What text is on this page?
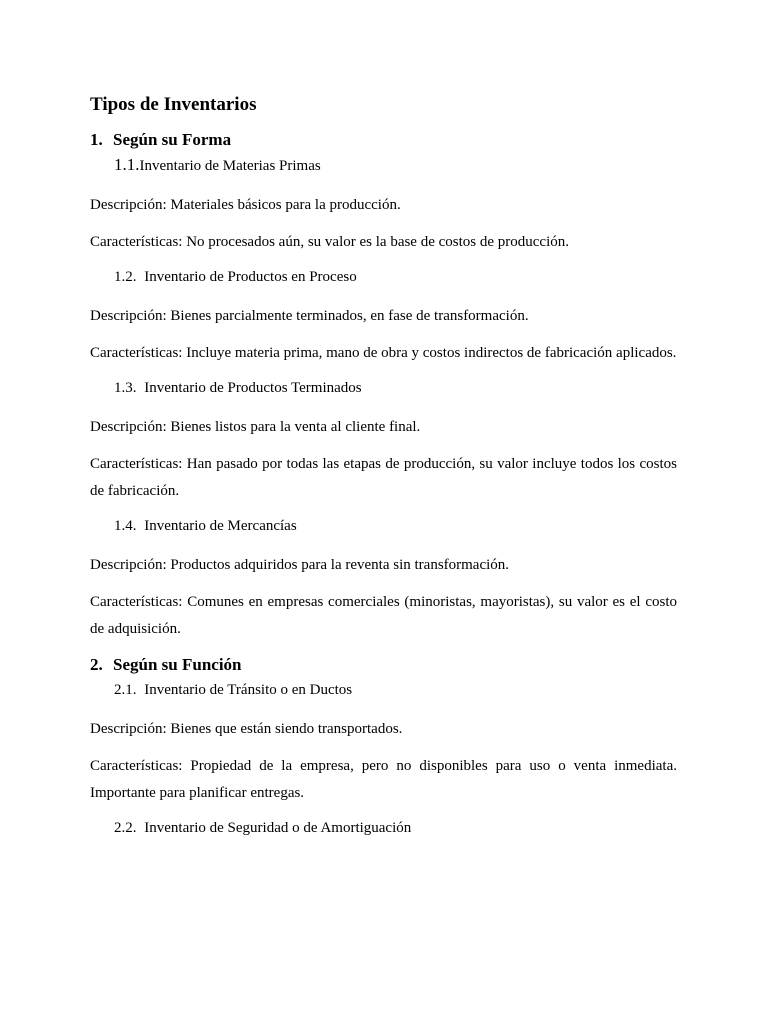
Tipos de Inventarios
1. Según su Forma
1.1.Inventario de Materias Primas

Descripción: Materiales básicos para la producción.

Características: No procesados aún, su valor es la base de costos de producción.

1.2. Inventario de Productos en Proceso

Descripción: Bienes parcialmente terminados, en fase de transformación.

Características: Incluye materia prima, mano de obra y costos indirectos de fabricación aplicados.

1.3. Inventario de Productos Terminados

Descripción: Bienes listos para la venta al cliente final.

Características: Han pasado por todas las etapas de producción, su valor incluye todos los costos de fabricación.

1.4. Inventario de Mercancías

Descripción: Productos adquiridos para la reventa sin transformación.

Características: Comunes en empresas comerciales (minoristas, mayoristas), su valor es el costo de adquisición.

2. Según su Función
2.1. Inventario de Tránsito o en Ductos

Descripción: Bienes que están siendo transportados.

Características: Propiedad de la empresa, pero no disponibles para uso o venta inmediata. Importante para planificar entregas.

2.2. Inventario de Seguridad o de Amortiguación
